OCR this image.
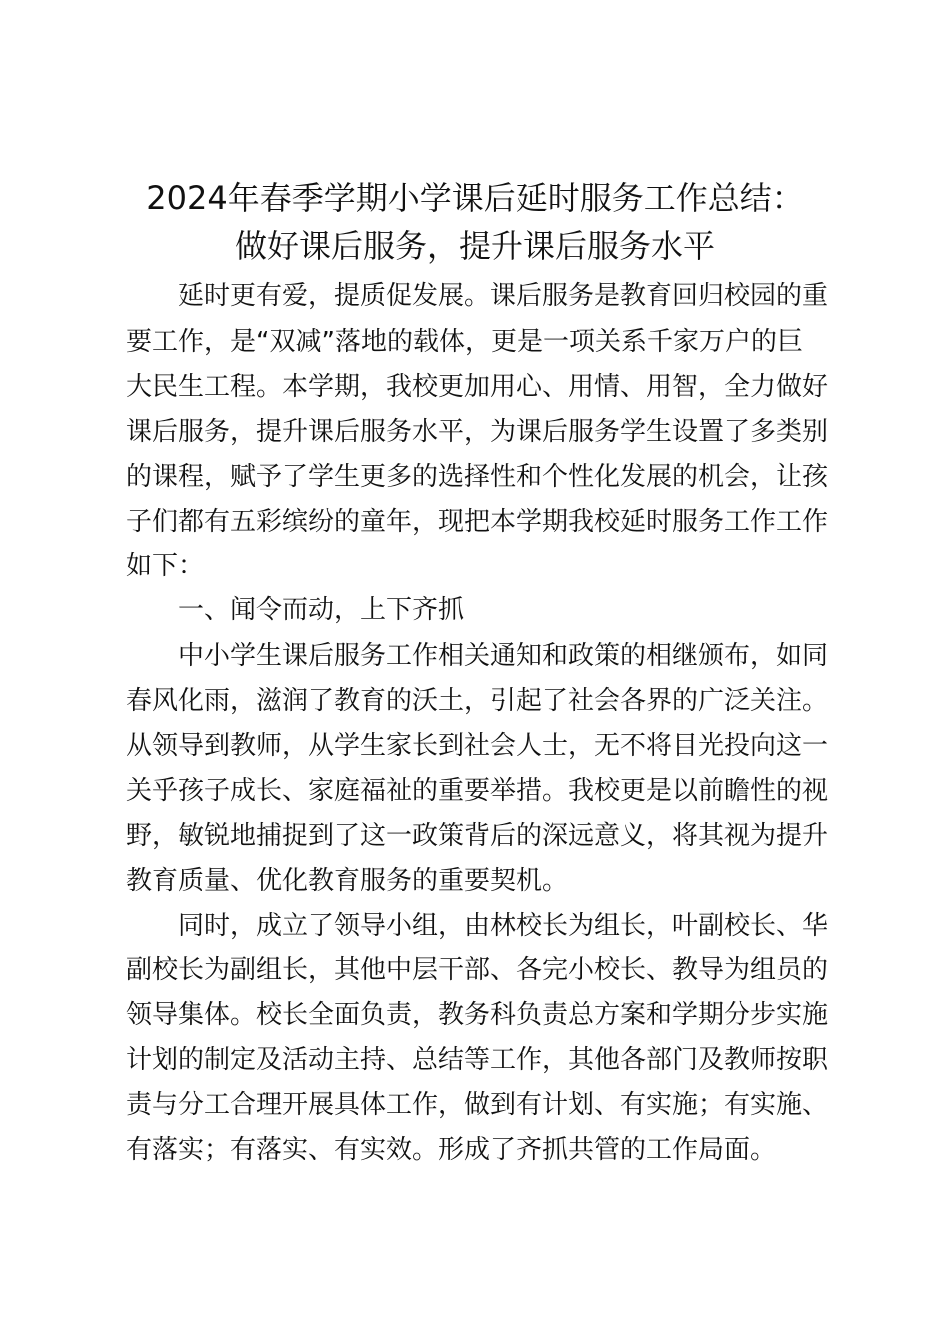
2024年春季学期小学课后延时服务工作总结：
做好课后服务，提升课后服务水平

延时更有爱，提质促发展。课后服务是教育回归校园的重

要工作，是“双减”落地的载体，更是一项关系千家万户的巨

大民生工程。本学期，我校更加用心、用情、用智，全力做好

课后服务，提升课后服务水平，为课后服务学生设置了多类别

的课程，赋予了学生更多的选择性和个性化发展的机会，让孩

子们都有五彩缤纷的童年，现把本学期我校延时服务工作工作

如下：

一、闻令而动，上下齐抓

中小学生课后服务工作相关通知和政策的相继颁布，如同

春风化雨，滋润了教育的沃土，引起了社会各界的广泛关注。

从领导到教师，从学生家长到社会人士，无不将目光投向这一

关乎孩子成长、家庭福祉的重要举措。我校更是以前瞻性的视

野，敏锐地捕捉到了这一政策背后的深远意义，将其视为提升

教育质量、优化教育服务的重要契机。

同时，成立了领导小组，由林校长为组长，叶副校长、华

副校长为副组长，其他中层干部、各完小校长、教导为组员的

领导集体。校长全面负责，教务科负责总方案和学期分步实施

计划的制定及活动主持、总结等工作，其他各部门及教师按职

责与分工合理开展具体工作，做到有计划、有实施；有实施、

有落实；有落实、有实效。形成了齐抓共管的工作局面。
